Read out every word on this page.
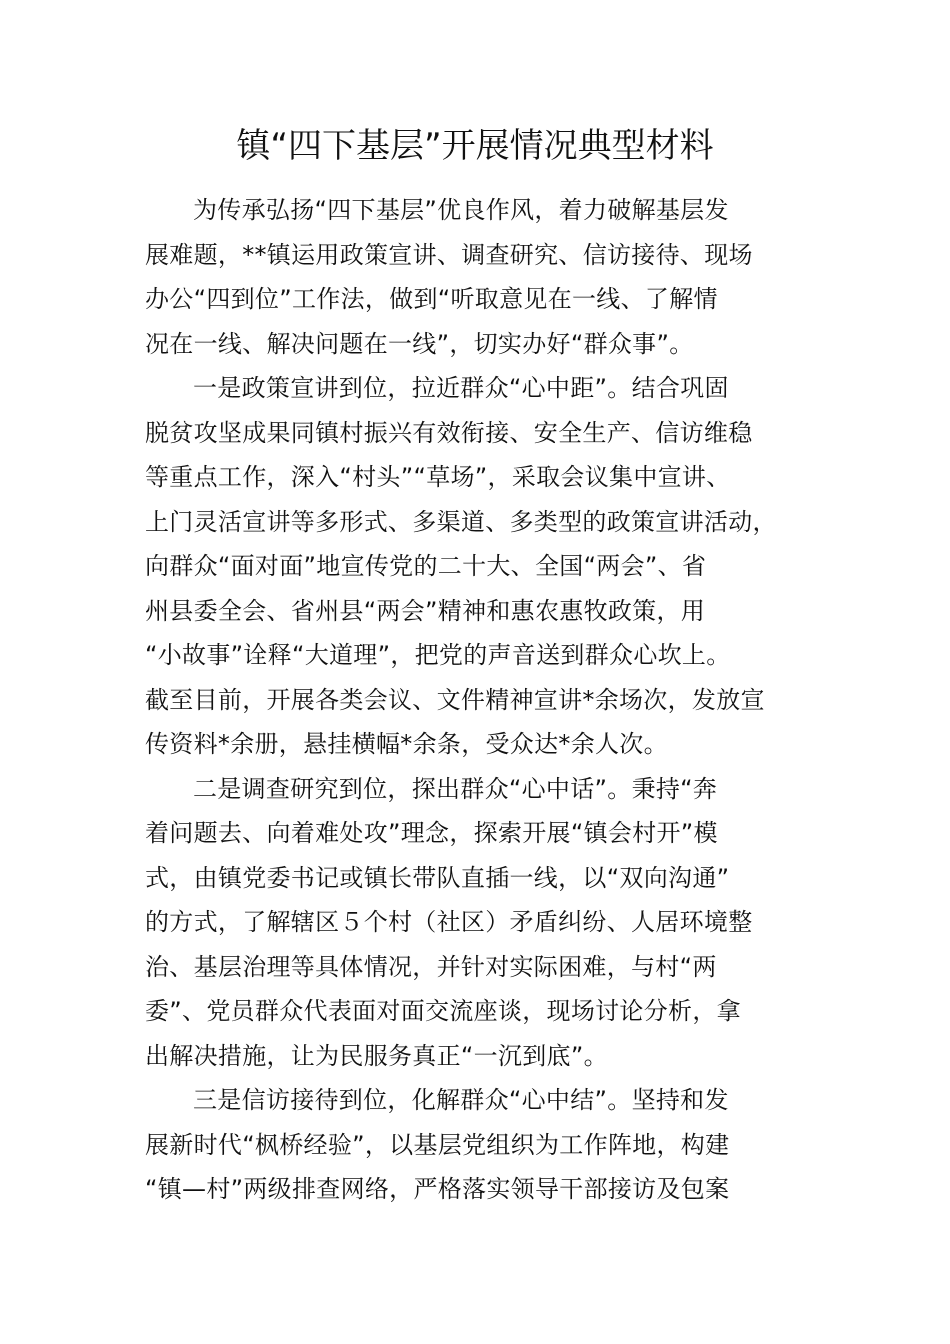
镇“四下基层”开展情况典型材料
为传承弘扬“四下基层”优良作风，着力破解基层发
展难题，**镇运用政策宣讲、调查研究、信访接待、现场
办公“四到位”工作法，做到“听取意见在一线、了解情
况在一线、解决问题在一线”，切实办好“群众事”。
一是政策宣讲到位，拉近群众“心中距”。结合巩固
脱贫攻坚成果同镇村振兴有效衔接、安全生产、信访维稳
等重点工作，深入“村头”“草场”，采取会议集中宣讲、
上门灵活宣讲等多形式、多渠道、多类型的政策宣讲活动，
向群众“面对面”地宣传党的二十大、全国“两会”、省
州县委全会、省州县“两会”精神和惠农惠牧政策，用
“小故事”诠释“大道理”，把党的声音送到群众心坎上。
截至目前，开展各类会议、文件精神宣讲*余场次，发放宣
传资料*余册，悬挂横幅*余条，受众达*余人次。
二是调查研究到位，探出群众“心中话”。秉持“奔
着问题去、向着难处攻”理念，探索开展“镇会村开”模
式，由镇党委书记或镇长带队直插一线，以“双向沟通”
的方式，了解辖区５个村（社区）矛盾纠纷、人居环境整
治、基层治理等具体情况，并针对实际困难，与村“两
委”、党员群众代表面对面交流座谈，现场讨论分析，拿
出解决措施，让为民服务真正“一沉到底”。
三是信访接待到位，化解群众“心中结”。坚持和发
展新时代“枫桥经验”，以基层党组织为工作阵地，构建
“镇—村”两级排查网络，严格落实领导干部接访及包案
